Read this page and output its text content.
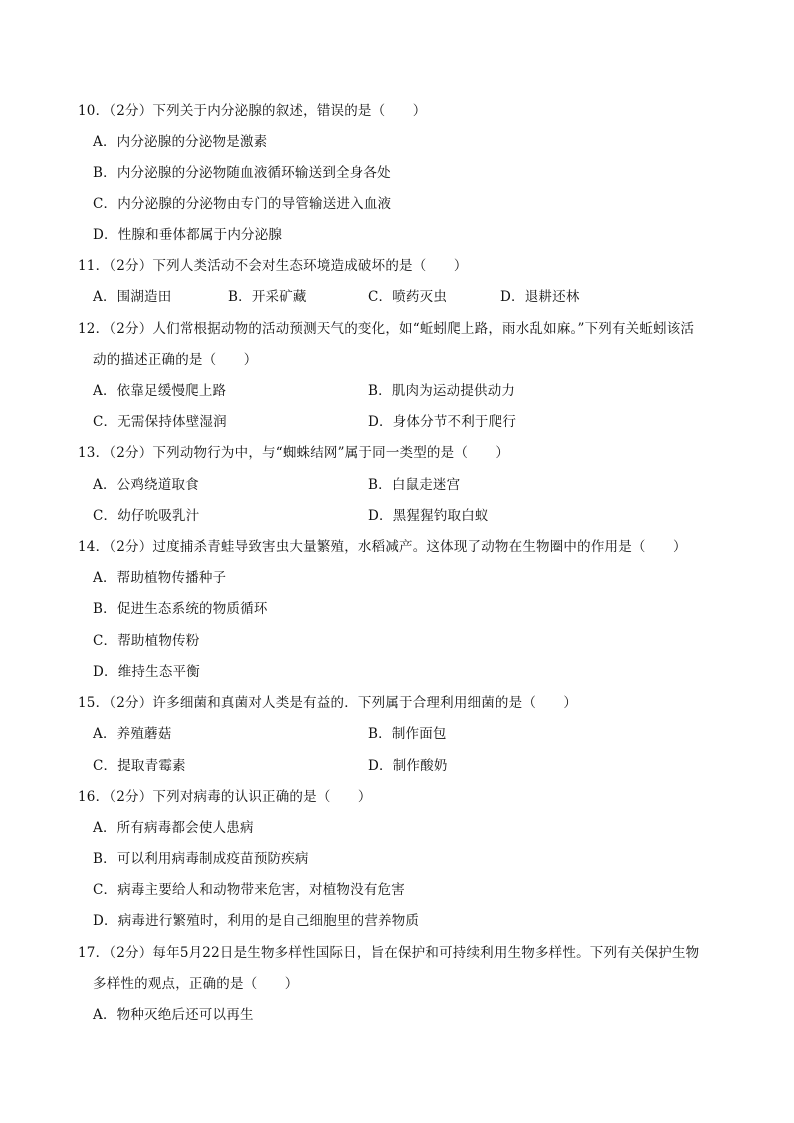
10．（2分）下列关于内分泌腺的叙述，错误的是（　　）
A．内分泌腺的分泌物是激素
B．内分泌腺的分泌物随血液循环输送到全身各处
C．内分泌腺的分泌物由专门的导管输送进入血液
D．性腺和垂体都属于内分泌腺
11．（2分）下列人类活动不会对生态环境造成破坏的是（　　）
A．围湖造田	B．开采矿藏	C．喷药灭虫	D．退耕还林
12．（2分）人们常根据动物的活动预测天气的变化，如“蚯蚓爬上路，雨水乱如麻。”下列有关蚯蚓该活
动的描述正确的是（　　）
A．依靠足缓慢爬上路	B．肌肉为运动提供动力
C．无需保持体壁湿润	D．身体分节不利于爬行
13．（2分）下列动物行为中，与“蜘蛛结网”属于同一类型的是（　　）
A．公鸡绕道取食	B．白鼠走迷宫
C．幼仔吮吸乳汁	D．黑猩猩钓取白蚁
14．（2分）过度捕杀青蛙导致害虫大量繁殖，水稻减产。这体现了动物在生物圈中的作用是（　　）
A．帮助植物传播种子
B．促进生态系统的物质循环
C．帮助植物传粉
D．维持生态平衡
15．（2分）许多细菌和真菌对人类是有益的．下列属于合理利用细菌的是（　　）
A．养殖蘑菇	B．制作面包
C．提取青霉素	D．制作酸奶
16．（2分）下列对病毒的认识正确的是（　　）
A．所有病毒都会使人患病
B．可以利用病毒制成疫苗预防疾病
C．病毒主要给人和动物带来危害，对植物没有危害
D．病毒进行繁殖时，利用的是自己细胞里的营养物质
17．（2分）每年5月22日是生物多样性国际日，旨在保护和可持续利用生物多样性。下列有关保护生物
多样性的观点，正确的是（　　）
A．物种灭绝后还可以再生
